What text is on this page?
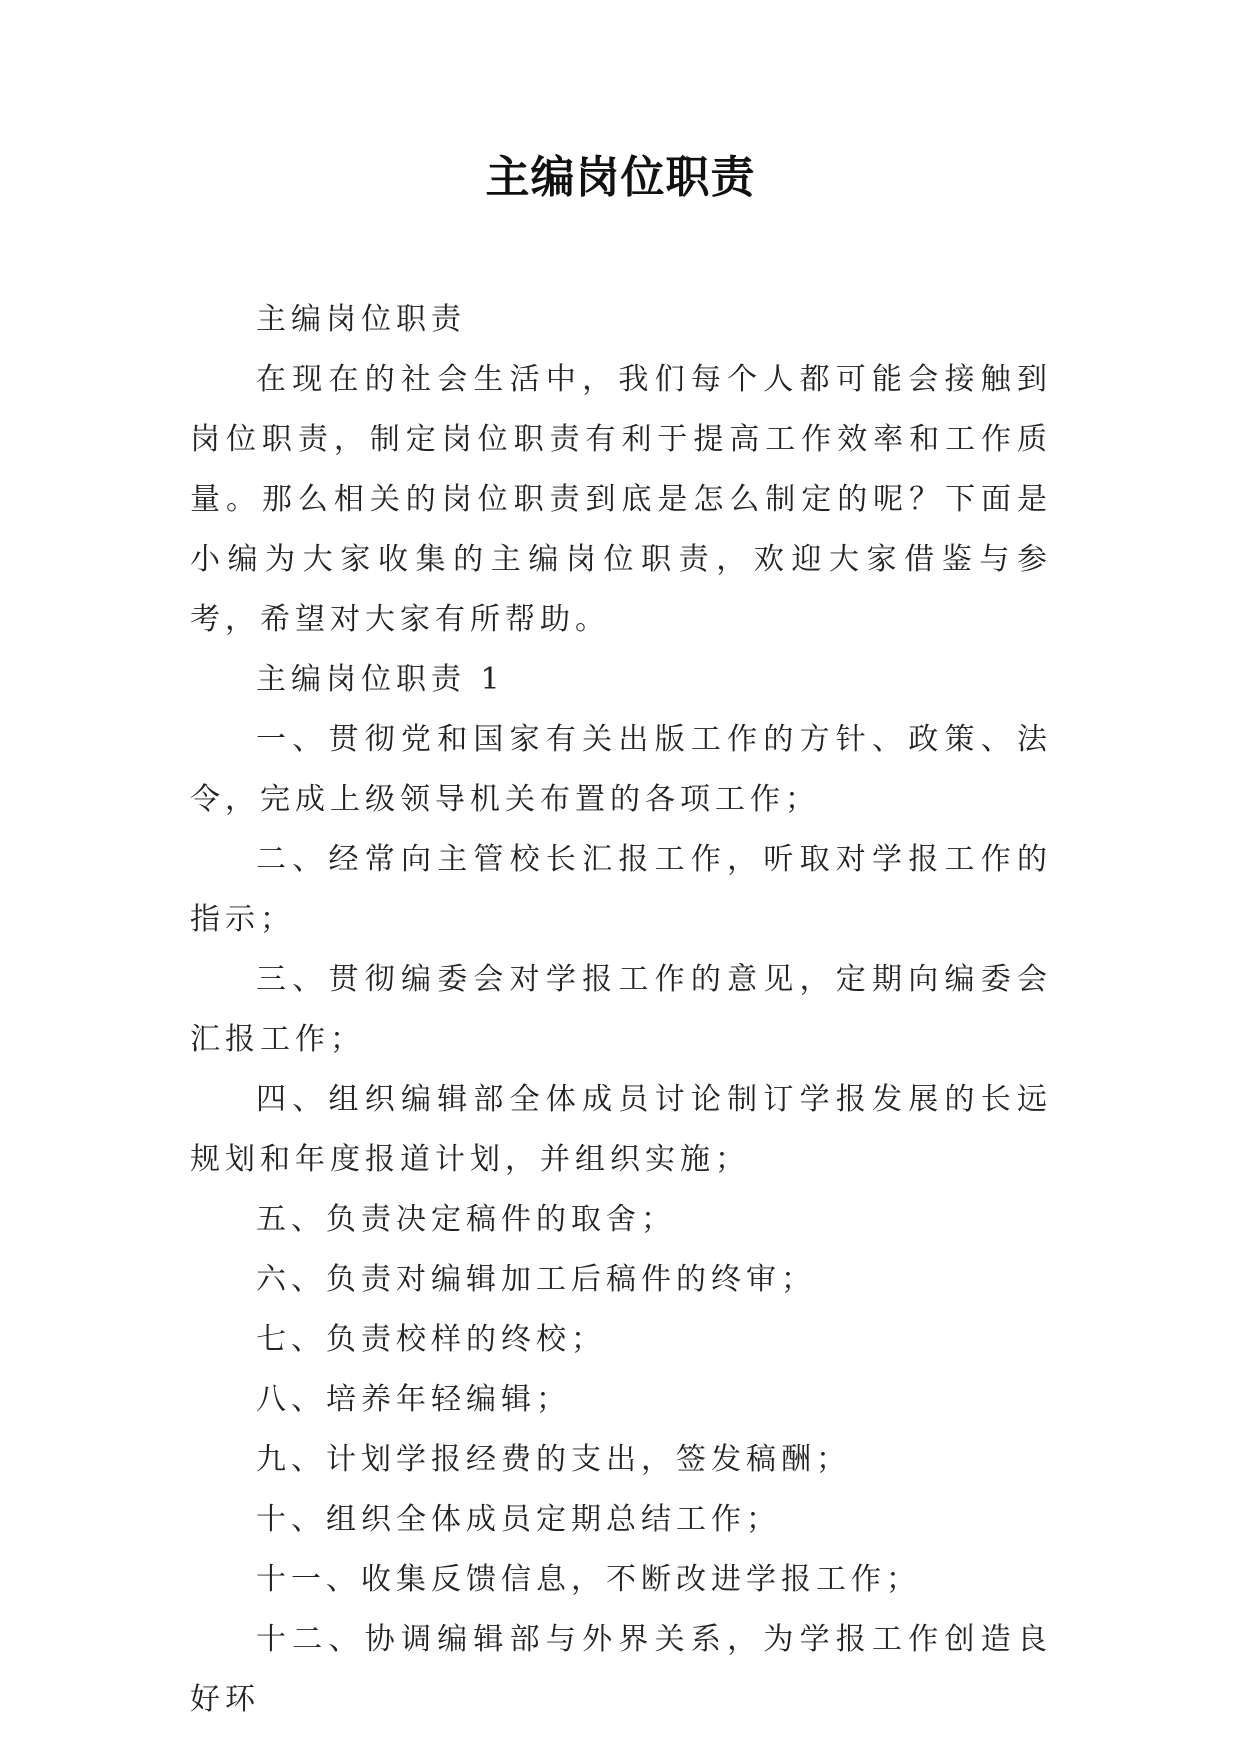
主编岗位职责

主编岗位职责

在现在的社会生活中，我们每个人都可能会接触到岗位职责，制定岗位职责有利于提高工作效率和工作质量。那么相关的岗位职责到底是怎么制定的呢？下面是小编为大家收集的主编岗位职责，欢迎大家借鉴与参考，希望对大家有所帮助。

主编岗位职责 1

一、贯彻党和国家有关出版工作的方针、政策、法令，完成上级领导机关布置的各项工作；

二、经常向主管校长汇报工作，听取对学报工作的指示；

三、贯彻编委会对学报工作的意见，定期向编委会汇报工作；

四、组织编辑部全体成员讨论制订学报发展的长远规划和年度报道计划，并组织实施；

五、负责决定稿件的取舍；

六、负责对编辑加工后稿件的终审；

七、负责校样的终校；

八、培养年轻编辑；

九、计划学报经费的支出，签发稿酬；

十、组织全体成员定期总结工作；

十一、收集反馈信息，不断改进学报工作；

十二、协调编辑部与外界关系，为学报工作创造良好环
